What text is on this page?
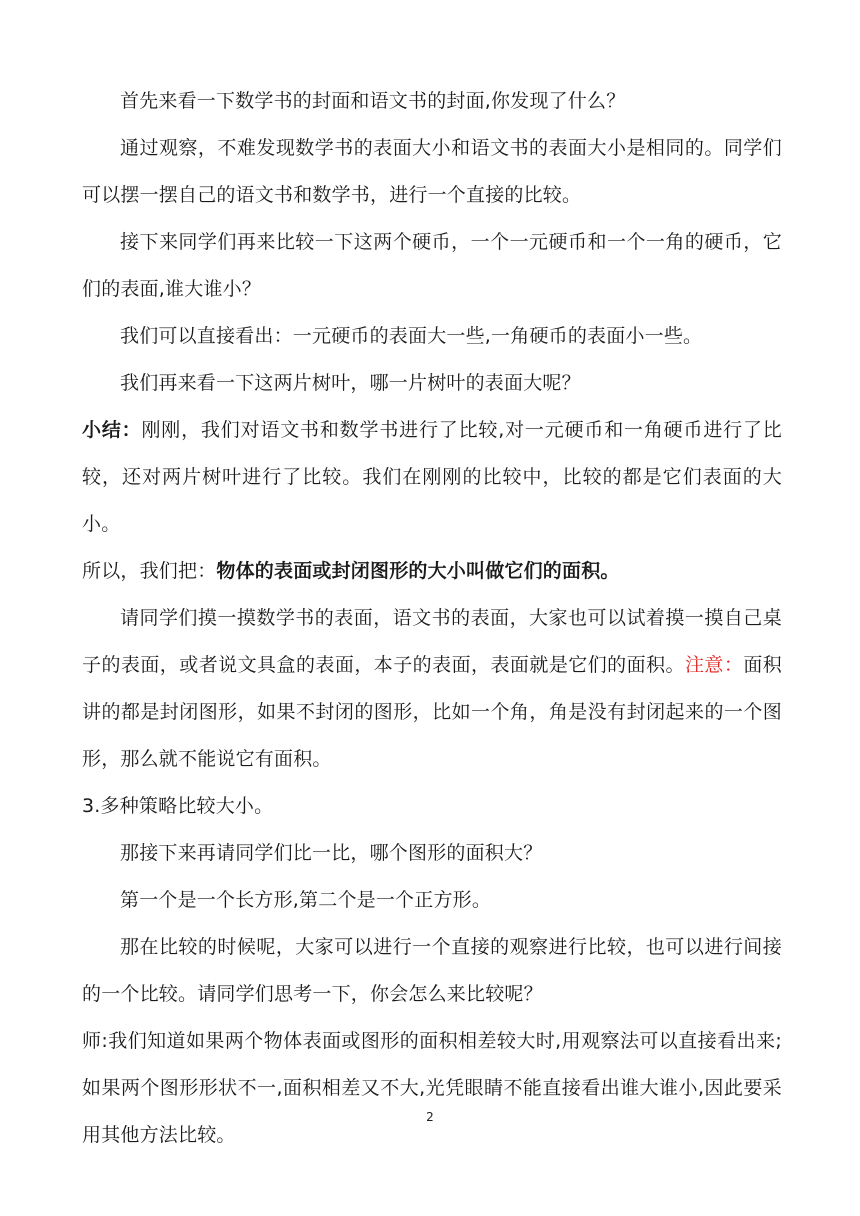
首先来看一下数学书的封面和语文书的封面,你发现了什么？

通过观察，不难发现数学书的表面大小和语文书的表面大小是相同的。同学们可以摆一摆自己的语文书和数学书，进行一个直接的比较。

接下来同学们再来比较一下这两个硬币，一个一元硬币和一个一角的硬币，它们的表面,谁大谁小？

我们可以直接看出：一元硬币的表面大一些,一角硬币的表面小一些。

我们再来看一下这两片树叶，哪一片树叶的表面大呢？

小结：刚刚，我们对语文书和数学书进行了比较,对一元硬币和一角硬币进行了比较，还对两片树叶进行了比较。我们在刚刚的比较中，比较的都是它们表面的大小。

所以，我们把：物体的表面或封闭图形的大小叫做它们的面积。

请同学们摸一摸数学书的表面，语文书的表面，大家也可以试着摸一摸自己桌子的表面，或者说文具盒的表面，本子的表面，表面就是它们的面积。注意：面积讲的都是封闭图形，如果不封闭的图形，比如一个角，角是没有封闭起来的一个图形，那么就不能说它有面积。

3.多种策略比较大小。

那接下来再请同学们比一比，哪个图形的面积大？

第一个是一个长方形,第二个是一个正方形。

那在比较的时候呢，大家可以进行一个直接的观察进行比较，也可以进行间接的一个比较。请同学们思考一下，你会怎么来比较呢？

师:我们知道如果两个物体表面或图形的面积相差较大时,用观察法可以直接看出来;如果两个图形形状不一,面积相差又不大,光凭眼睛不能直接看出谁大谁小,因此要采用其他方法比较。

2
